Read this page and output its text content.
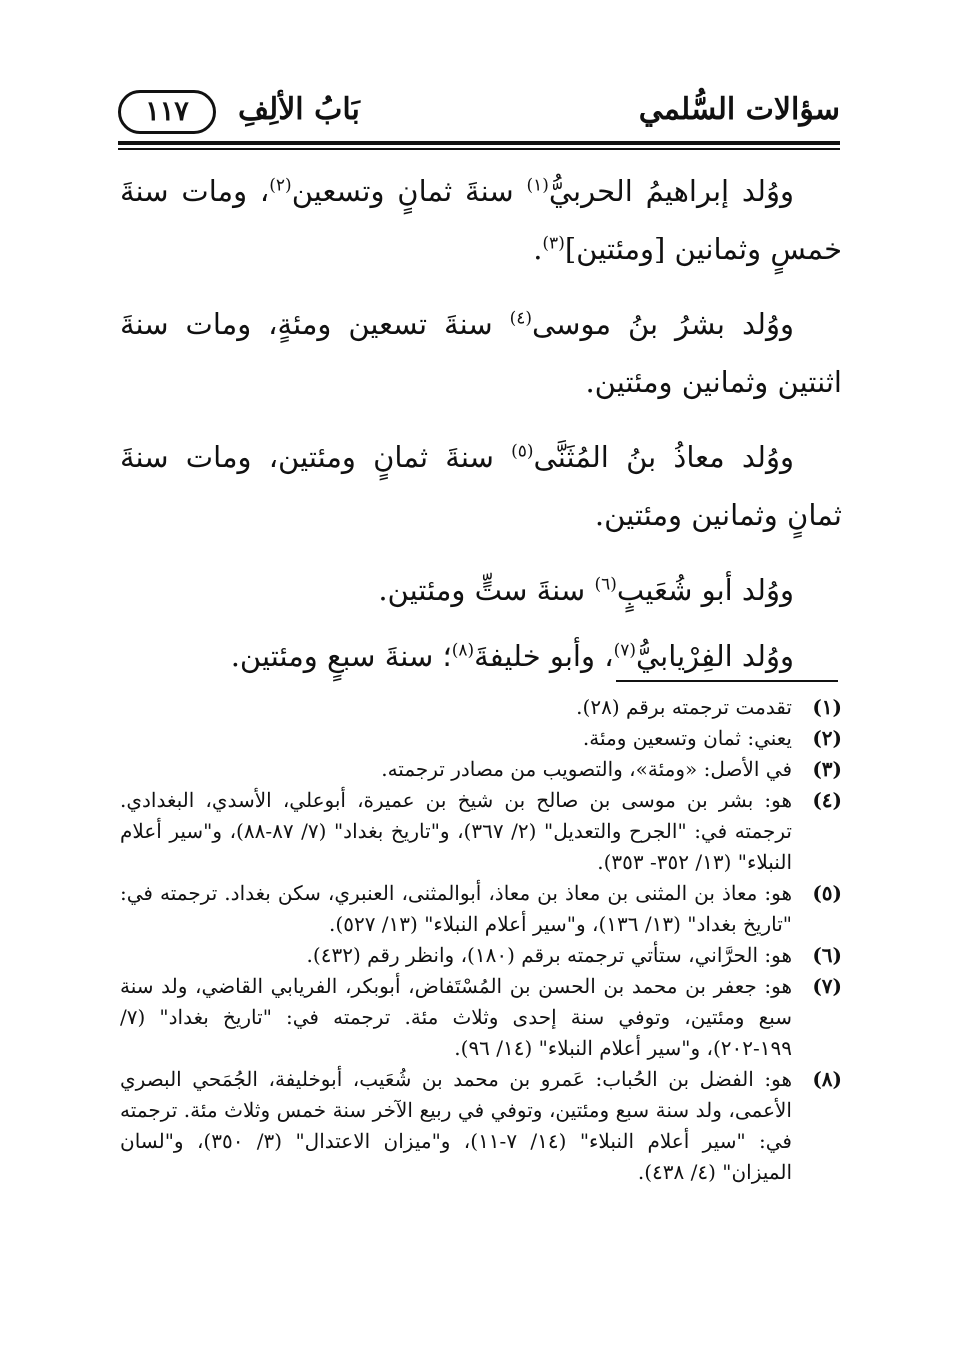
سؤالات السُّلمي
بَابُ الألِفِ
١١٧

ووُلد إبراهيمُ الحربيُّ$^{(١)}$ سنةَ ثمانٍ وتسعين$^{(٢)}$، ومات سنةَ خمسٍ وثمانين [ومئتين]$^{(٣)}$.

ووُلد بشرُ بنُ موسى$^{(٤)}$ سنةَ تسعين ومئةٍ، ومات سنةَ اثنتين وثمانين ومئتين.

ووُلد معاذُ بنُ المُثَنَّى$^{(٥)}$ سنةَ ثمانٍ ومئتين، ومات سنةَ ثمانٍ وثمانين ومئتين.

ووُلد أبو شُعَيبٍ$^{(٦)}$ سنةَ ستٍّ ومئتين.

ووُلد الفِرْيابيُّ$^{(٧)}$، وأبو خليفةَ$^{(٨)}$؛ سنةَ سبعٍ ومئتين.

(١)
تقدمت ترجمته برقم (٢٨).
(٢)
يعني: ثمان وتسعين ومئة.
(٣)
في الأصل: «ومئة»، والتصويب من مصادر ترجمته.
(٤)
هو: بشر بن موسى بن صالح بن شيخ بن عميرة، أبوعلي، الأسدي، البغدادي. ترجمته في: "الجرح والتعديل" (٢/ ٣٦٧)، و"تاريخ بغداد" (٧/ ٨٧-٨٨)، و"سير أعلام النبلاء" (١٣/ ٣٥٢- ٣٥٣).
(٥)
هو: معاذ بن المثنى بن معاذ بن معاذ، أبوالمثنى، العنبري، سكن بغداد. ترجمته في: "تاريخ بغداد" (١٣/ ١٣٦)، و"سير أعلام النبلاء" (١٣/ ٥٢٧).
(٦)
هو: الحرَّاني، ستأتي ترجمته برقم (١٨٠)، وانظر رقم (٤٣٢).
(٧)
هو: جعفر بن محمد بن الحسن بن المُسْتَفاض، أبوبكر، الفريابي القاضي، ولد سنة سبع ومئتين، وتوفي سنة إحدى وثلاث مئة. ترجمته في: "تاريخ بغداد" (٧/ ١٩٩-٢٠٢)، و"سير أعلام النبلاء" (١٤/ ٩٦).
(٨)
هو: الفضل بن الحُباب: عَمرو بن محمد بن شُعَيب، أبوخليفة، الجُمَحي البصري الأعمى، ولد سنة سبع ومئتين، وتوفي في ربيع الآخر سنة خمس وثلاث مئة. ترجمته في: "سير أعلام النبلاء" (١٤/ ٧-١١)، و"ميزان الاعتدال" (٣/ ٣٥٠)، و"لسان الميزان" (٤/ ٤٣٨).
